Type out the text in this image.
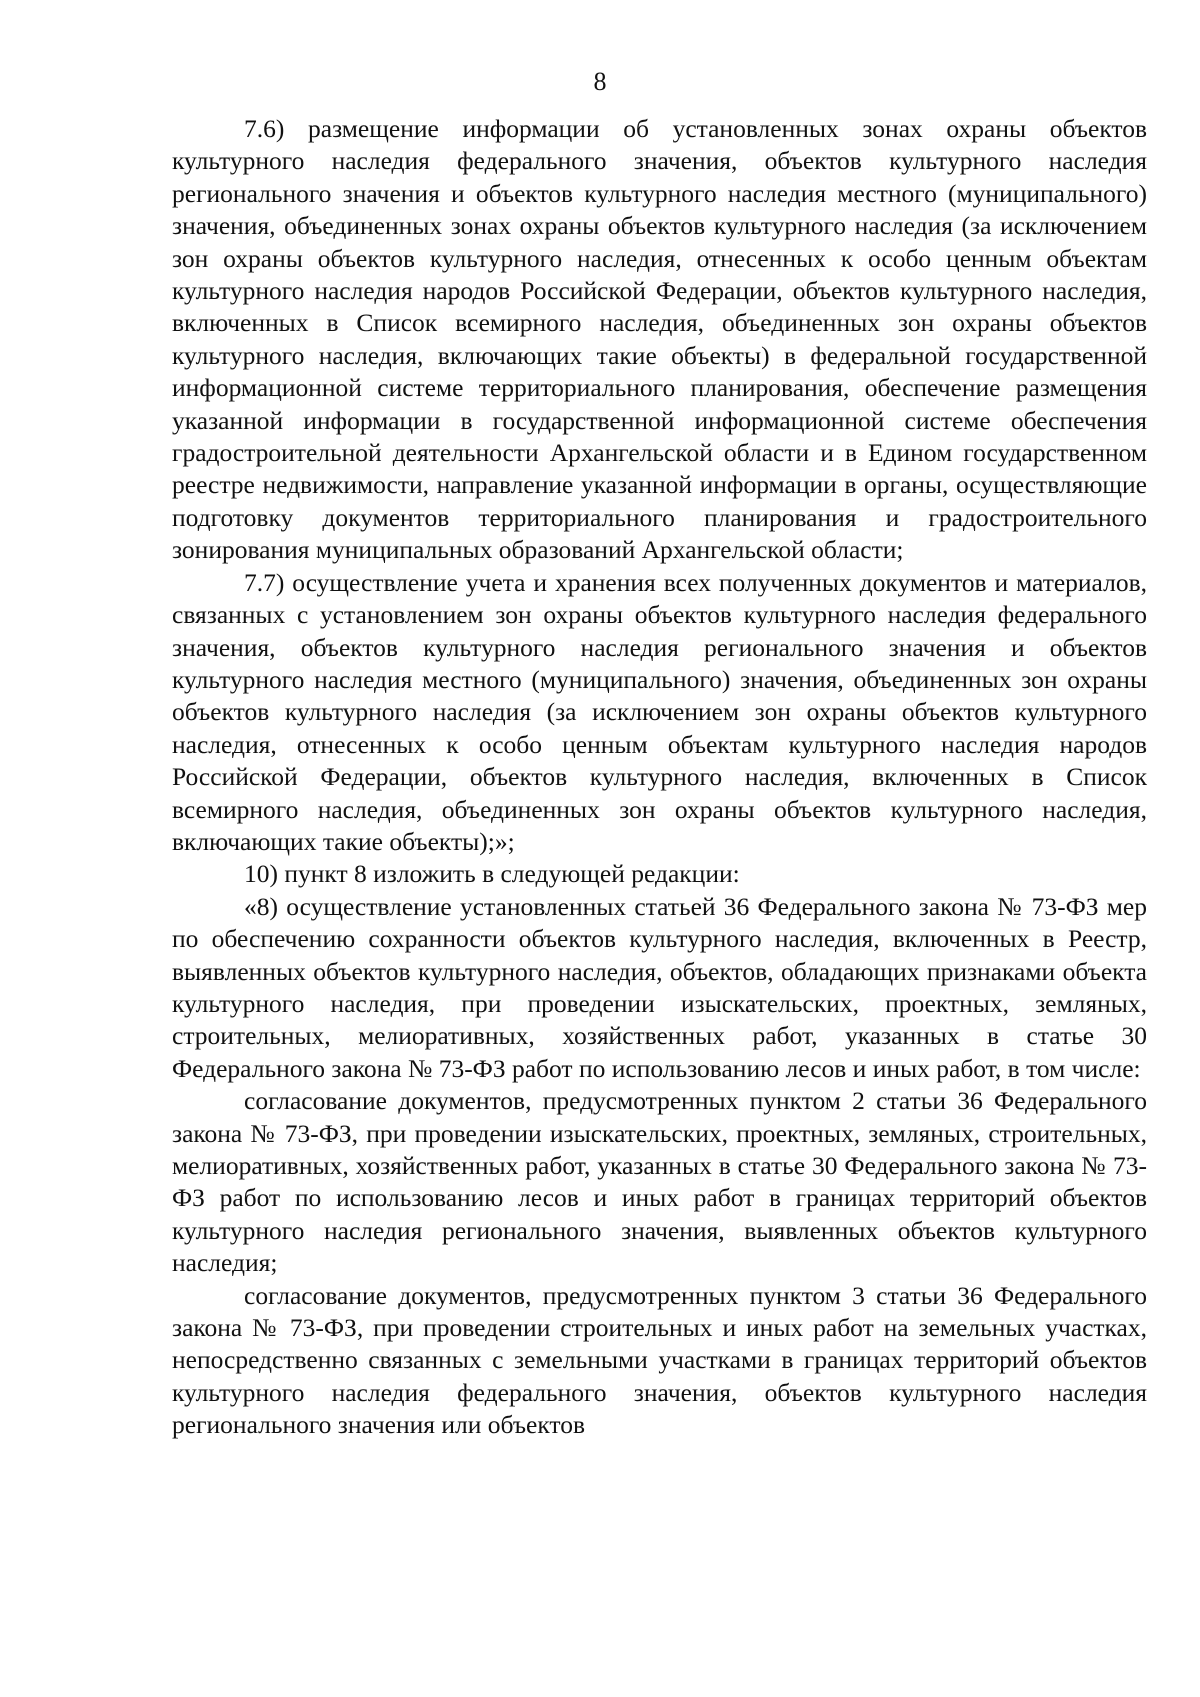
8

7.6) размещение информации об установленных зонах охраны объектов культурного наследия федерального значения, объектов культурного наследия регионального значения и объектов культурного наследия местного (муниципального) значения, объединенных зонах охраны объектов культурного наследия (за исключением зон охраны объектов культурного наследия, отнесенных к особо ценным объектам культурного наследия народов Российской Федерации, объектов культурного наследия, включенных в Список всемирного наследия, объединенных зон охраны объектов культурного наследия, включающих такие объекты) в федеральной государственной информационной системе территориального планирования, обеспечение размещения указанной информации в государственной информационной системе обеспечения градостроительной деятельности Архангельской области и в Едином государственном реестре недвижимости, направление указанной информации в органы, осуществляющие подготовку документов территориального планирования и градостроительного зонирования муниципальных образований Архангельской области;

7.7) осуществление учета и хранения всех полученных документов и материалов, связанных с установлением зон охраны объектов культурного наследия федерального значения, объектов культурного наследия регионального значения и объектов культурного наследия местного (муниципального) значения, объединенных зон охраны объектов культурного наследия (за исключением зон охраны объектов культурного наследия, отнесенных к особо ценным объектам культурного наследия народов Российской Федерации, объектов культурного наследия, включенных в Список всемирного наследия, объединенных зон охраны объектов культурного наследия, включающих такие объекты);»;

10) пункт 8 изложить в следующей редакции:

«8) осуществление установленных статьей 36 Федерального закона № 73-ФЗ мер по обеспечению сохранности объектов культурного наследия, включенных в Реестр, выявленных объектов культурного наследия, объектов, обладающих признаками объекта культурного наследия, при проведении изыскательских, проектных, земляных, строительных, мелиоративных, хозяйственных работ, указанных в статье 30 Федерального закона № 73-ФЗ работ по использованию лесов и иных работ, в том числе:

согласование документов, предусмотренных пунктом 2 статьи 36 Федерального закона № 73-ФЗ, при проведении изыскательских, проектных, земляных, строительных, мелиоративных, хозяйственных работ, указанных в статье 30 Федерального закона № 73-ФЗ работ по использованию лесов и иных работ в границах территорий объектов культурного наследия регионального значения, выявленных объектов культурного наследия;

согласование документов, предусмотренных пунктом 3 статьи 36 Федерального закона № 73-ФЗ, при проведении строительных и иных работ на земельных участках, непосредственно связанных с земельными участками в границах территорий объектов культурного наследия федерального значения, объектов культурного наследия регионального значения или объектов
